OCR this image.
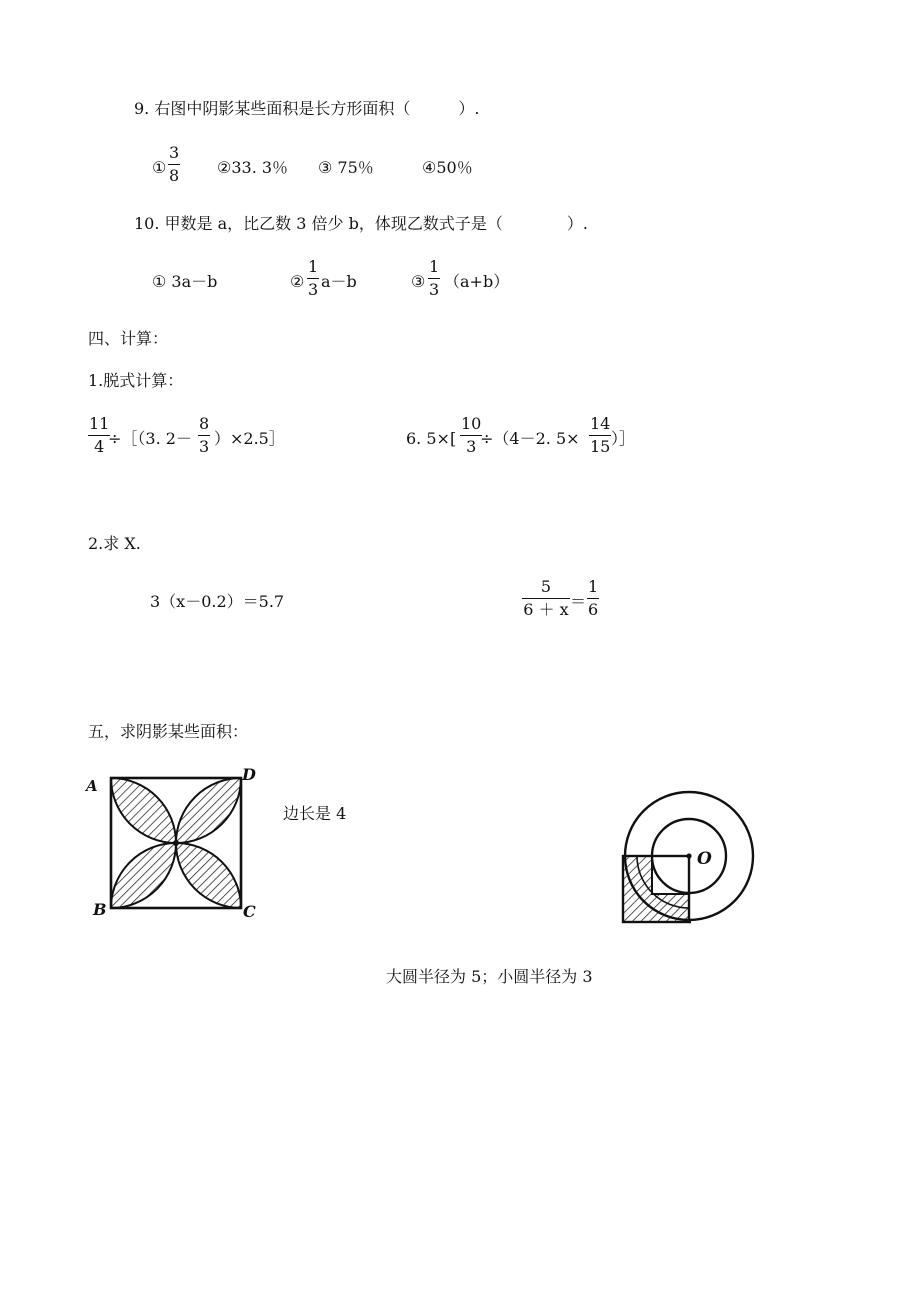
9. 右图中阴影某些面积是长方形面积（　　　）.
① $\frac{3}{8}$ ②33. 3％ ③ 75％	④50％
10. 甲数是 a，比乙数 3 倍少 b，体现乙数式子是（　　　　）.
① 3a－b	② $\frac{1}{3} a-b$	③ $\frac{1}{3} (a+b)$
四、计算：
1.脱式计算：
$\frac{11}{4}$
÷［（3. $2- \frac{8}{3}$ ）×2.5］	6. $5\times[ \frac{10}{3}$
÷（4－2. $5\times \frac{14}{15}$ ）］
2.求 X.
3（x－0.2）＝5.7	$\frac{5}{6 + x} = \frac{1}{6}$
五，求阴影某些面积：
A
D
B	C
边长是 4
O
大圆半径为 5；小圆半径为 3
